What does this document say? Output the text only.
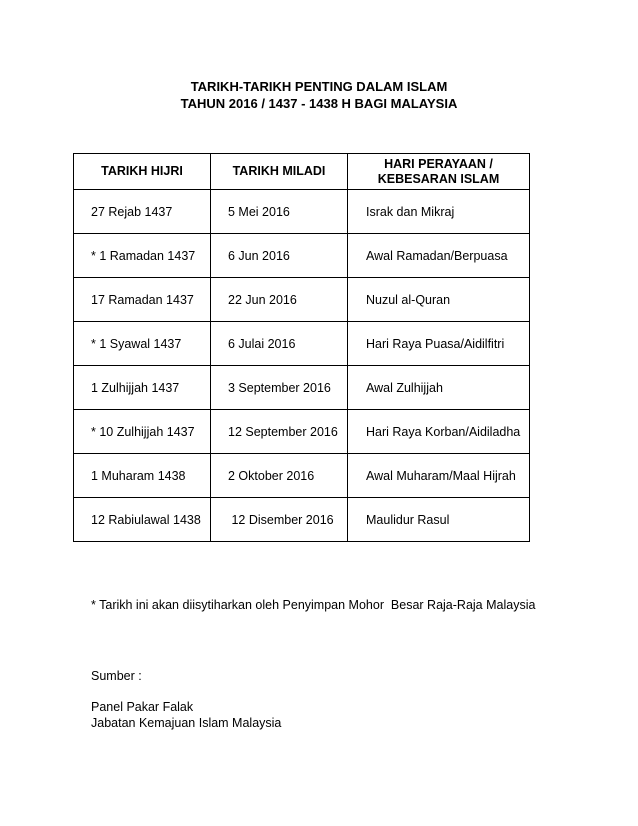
TARIKH-TARIKH PENTING DALAM ISLAM

TAHUN 2016 / 1437 - 1438 H BAGI MALAYSIA

TARIKH HIJRI	TARIKH MILADI	HARI PERAYAAN /
KEBESARAN ISLAM
27 Rejab 1437	5 Mei 2016	Israk dan Mikraj
* 1 Ramadan 1437	6 Jun 2016	Awal Ramadan/Berpuasa
17 Ramadan 1437	22 Jun 2016	Nuzul al-Quran
* 1 Syawal 1437	6 Julai 2016	Hari Raya Puasa/Aidilfitri
1 Zulhijjah 1437	3 September 2016	Awal Zulhijjah
* 10 Zulhijjah 1437	12 September 2016	Hari Raya Korban/Aidiladha
1 Muharam 1438	2 Oktober 2016	Awal Muharam/Maal Hijrah
12 Rabiulawal 1438	12 Disember 2016	Maulidur Rasul

* Tarikh ini akan diisytiharkan oleh Penyimpan Mohor  Besar Raja-Raja Malaysia

Sumber :

Panel Pakar Falak

Jabatan Kemajuan Islam Malaysia
